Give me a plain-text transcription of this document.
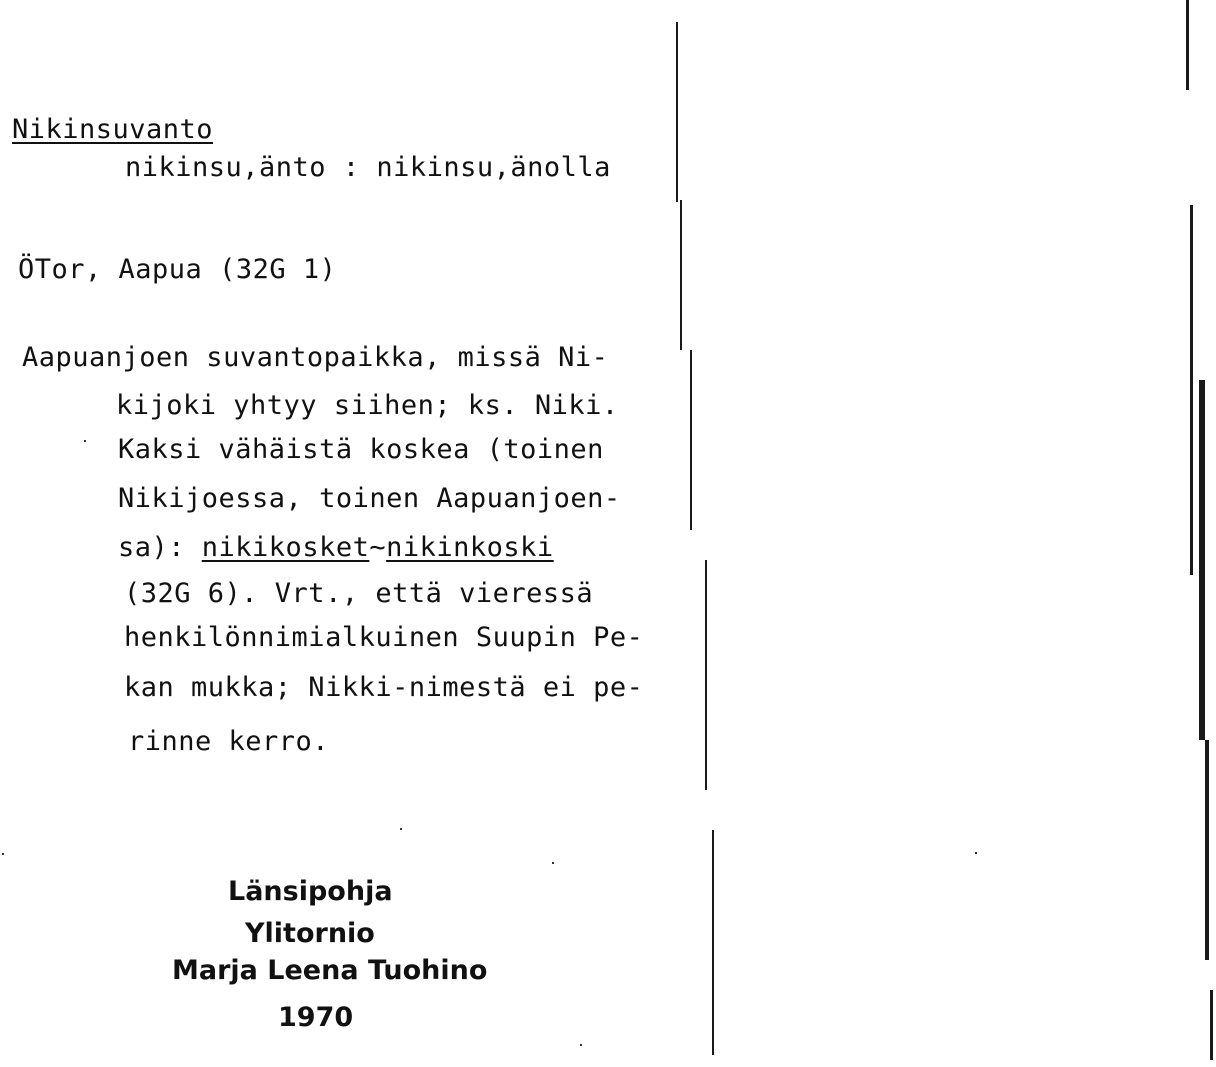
Nikinsuvanto
nikinsu,änto : nikinsu,änolla
ÖTor, Aapua (32G 1)
Aapuanjoen suvantopaikka, missä Ni-
kijoki yhtyy siihen; ks. Niki.
Kaksi vähäistä koskea (toinen
Nikijoessa, toinen Aapuanjoen-
sa): nikikosket~nikinkoski
(32G 6). Vrt., että vieressä
henkilönnimialkuinen Suupin Pe-
kan mukka; Nikki-nimestä ei pe-
rinne kerro.
Länsipohja
Ylitornio
Marja Leena Tuohino
1970
